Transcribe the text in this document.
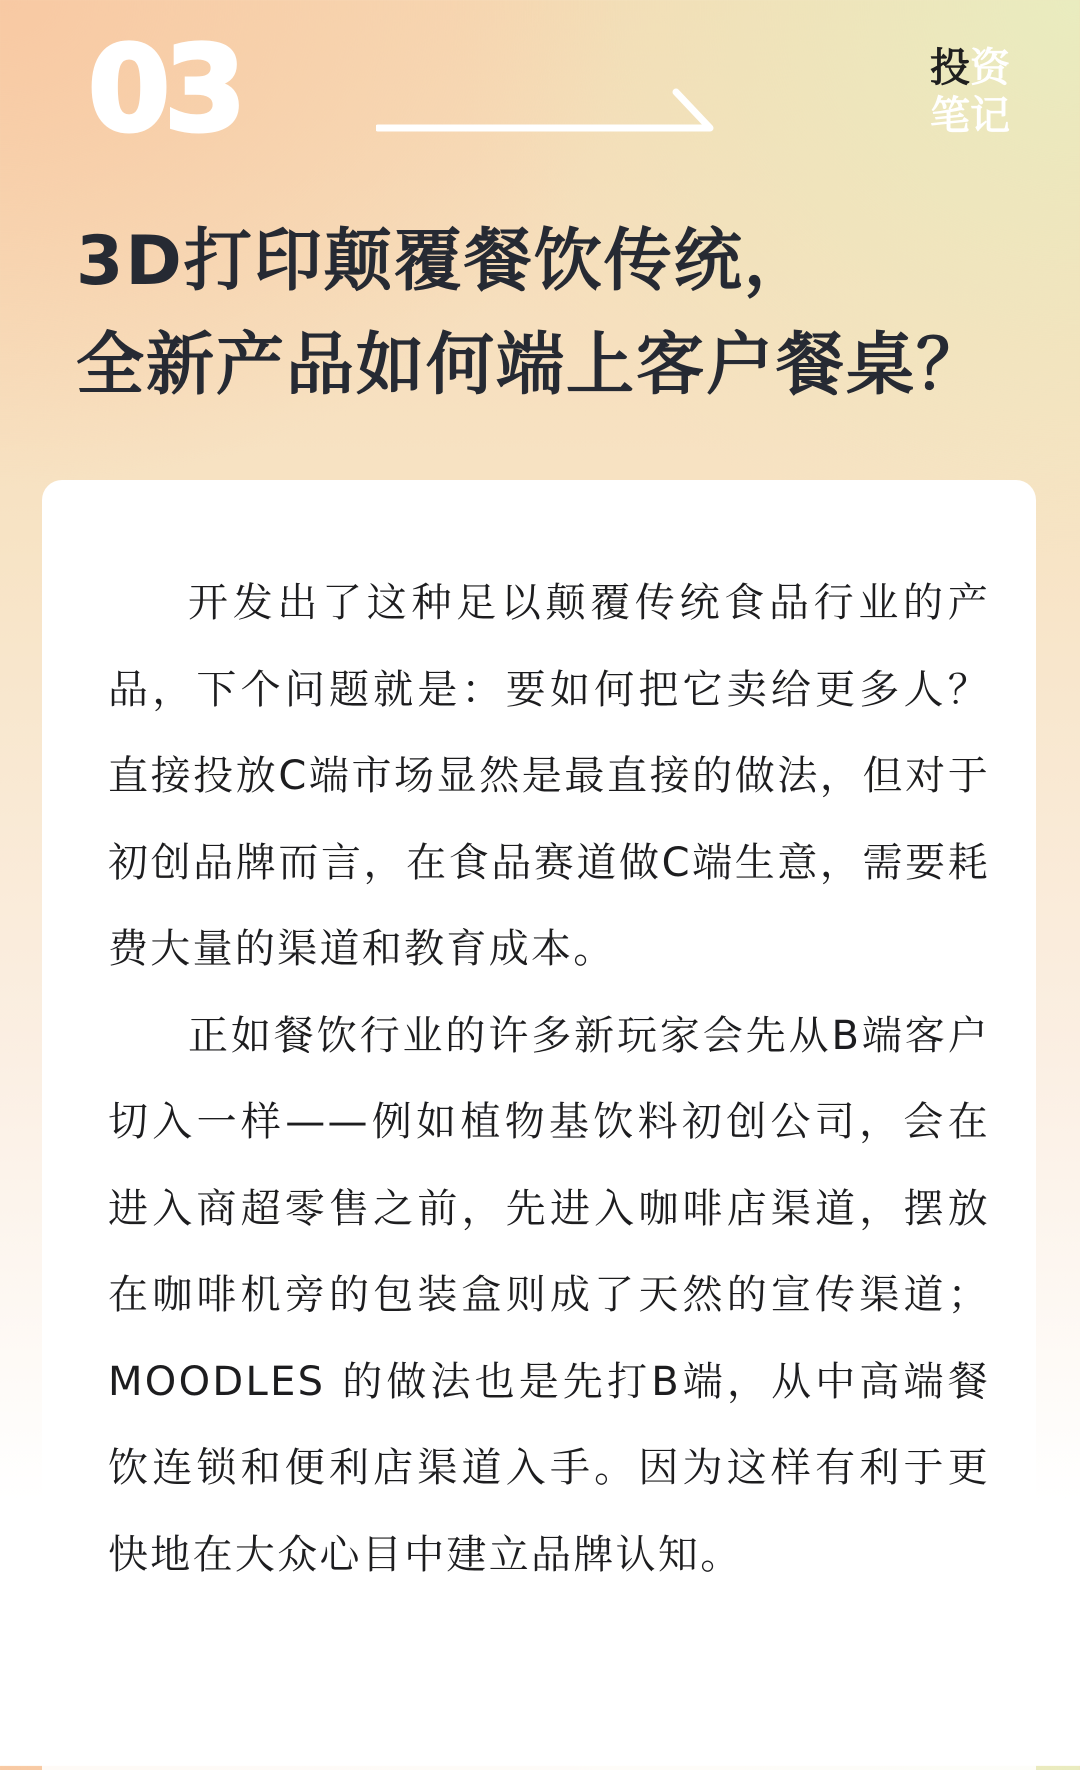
03	投资
笔记
3D打印颠覆餐饮传统，
全新产品如何端上客户餐桌？

开发出了这种足以颠覆传统食品行业的产品，下个问题就是：要如何把它卖给更多人？直接投放C端市场显然是最直接的做法，但对于初创品牌而言，在食品赛道做C端生意，需要耗费大量的渠道和教育成本。

正如餐饮行业的许多新玩家会先从B端客户切入一样——例如植物基饮料初创公司，会在进入商超零售之前，先进入咖啡店渠道，摆放在咖啡机旁的包装盒则成了天然的宣传渠道；MOODLES 的做法也是先打B端，从中高端餐饮连锁和便利店渠道入手。因为这样有利于更快地在大众心目中建立品牌认知。
